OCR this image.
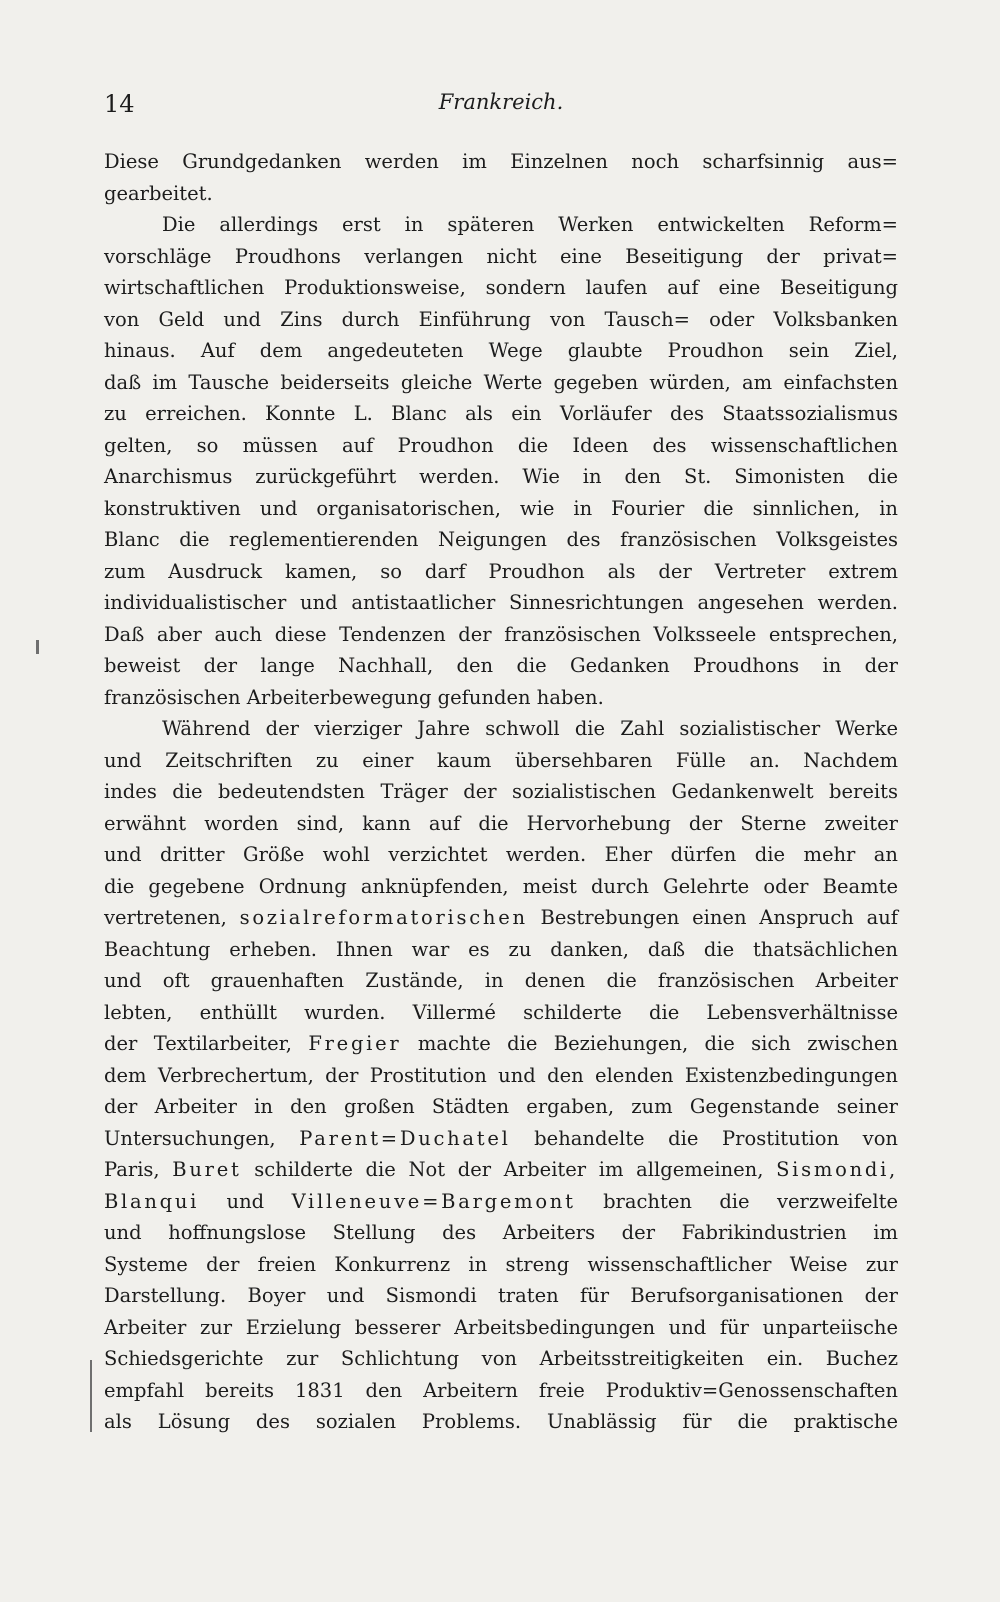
14	Frankreich.
Diese Grundgedanken werden im Einzelnen noch scharfsinnig aus=
gearbeitet.
Die allerdings erst in späteren Werken entwickelten Reform=
vorschläge Proudhons verlangen nicht eine Beseitigung der privat=
wirtschaftlichen Produktionsweise, sondern laufen auf eine Beseitigung
von Geld und Zins durch Einführung von Tausch= oder Volksbanken
hinaus. Auf dem angedeuteten Wege glaubte Proudhon sein Ziel,
daß im Tausche beiderseits gleiche Werte gegeben würden, am einfachsten
zu erreichen. Konnte L. Blanc als ein Vorläufer des Staatssozialismus
gelten, so müssen auf Proudhon die Ideen des wissenschaftlichen
Anarchismus zurückgeführt werden. Wie in den St. Simonisten die
konstruktiven und organisatorischen, wie in Fourier die sinnlichen, in
Blanc die reglementierenden Neigungen des französischen Volksgeistes
zum Ausdruck kamen, so darf Proudhon als der Vertreter extrem
individualistischer und antistaatlicher Sinnesrichtungen angesehen werden.
Daß aber auch diese Tendenzen der französischen Volksseele entsprechen,
beweist der lange Nachhall, den die Gedanken Proudhons in der
französischen Arbeiterbewegung gefunden haben.
Während der vierziger Jahre schwoll die Zahl sozialistischer Werke
und Zeitschriften zu einer kaum übersehbaren Fülle an. Nachdem
indes die bedeutendsten Träger der sozialistischen Gedankenwelt bereits
erwähnt worden sind, kann auf die Hervorhebung der Sterne zweiter
und dritter Größe wohl verzichtet werden. Eher dürfen die mehr an
die gegebene Ordnung anknüpfenden, meist durch Gelehrte oder Beamte
vertretenen, sozialreformatorischen Bestrebungen einen Anspruch auf
Beachtung erheben. Ihnen war es zu danken, daß die thatsächlichen
und oft grauenhaften Zustände, in denen die französischen Arbeiter
lebten, enthüllt wurden. Villermé schilderte die Lebensverhältnisse
der Textilarbeiter, Fregier machte die Beziehungen, die sich zwischen
dem Verbrechertum, der Prostitution und den elenden Existenzbedingungen
der Arbeiter in den großen Städten ergaben, zum Gegenstande seiner
Untersuchungen, Parent=Duchatel behandelte die Prostitution von
Paris, Buret schilderte die Not der Arbeiter im allgemeinen, Sismondi,
Blanqui und Villeneuve=Bargemont brachten die verzweifelte
und hoffnungslose Stellung des Arbeiters der Fabrikindustrien im
Systeme der freien Konkurrenz in streng wissenschaftlicher Weise zur
Darstellung. Boyer und Sismondi traten für Berufsorganisationen der
Arbeiter zur Erzielung besserer Arbeitsbedingungen und für unparteiische
Schiedsgerichte zur Schlichtung von Arbeitsstreitigkeiten ein. Buchez
empfahl bereits 1831 den Arbeitern freie Produktiv=Genossenschaften
als Lösung des sozialen Problems. Unablässig für die praktische
